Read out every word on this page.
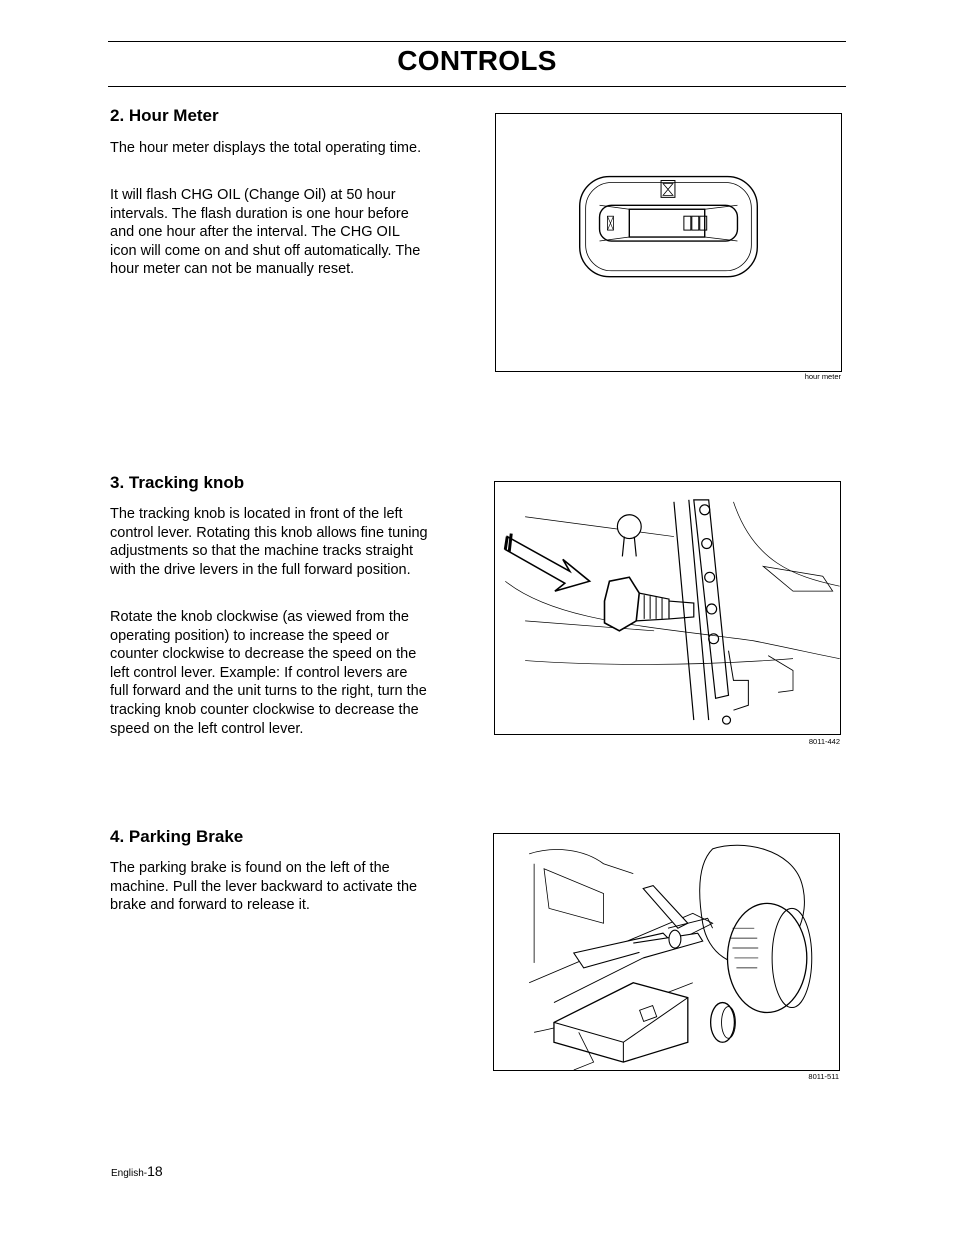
CONTROLS
2. Hour Meter

The hour meter displays the total operating time.

It will flash CHG OIL (Change Oil) at 50 hour intervals. The flash duration is one hour before and one hour after the interval. The CHG OIL icon will come on and shut off automatically. The hour meter can not be manually reset.

hour meter
3. Tracking knob

The tracking knob is located in front of the left control lever. Rotating this knob allows fine tuning adjustments so that the machine tracks straight with the drive levers in the full forward position.

Rotate the knob clockwise (as viewed from the operating position) to increase the speed or counter clockwise to decrease the speed on the left control lever. Example: If control levers are full forward and the unit turns to the right, turn the tracking knob counter clockwise to decrease the speed on the left control lever.

8011-442
4. Parking Brake

The parking brake is found on the left of the machine. Pull the lever backward to activate the brake and forward to release it.

8011-511
English-18
